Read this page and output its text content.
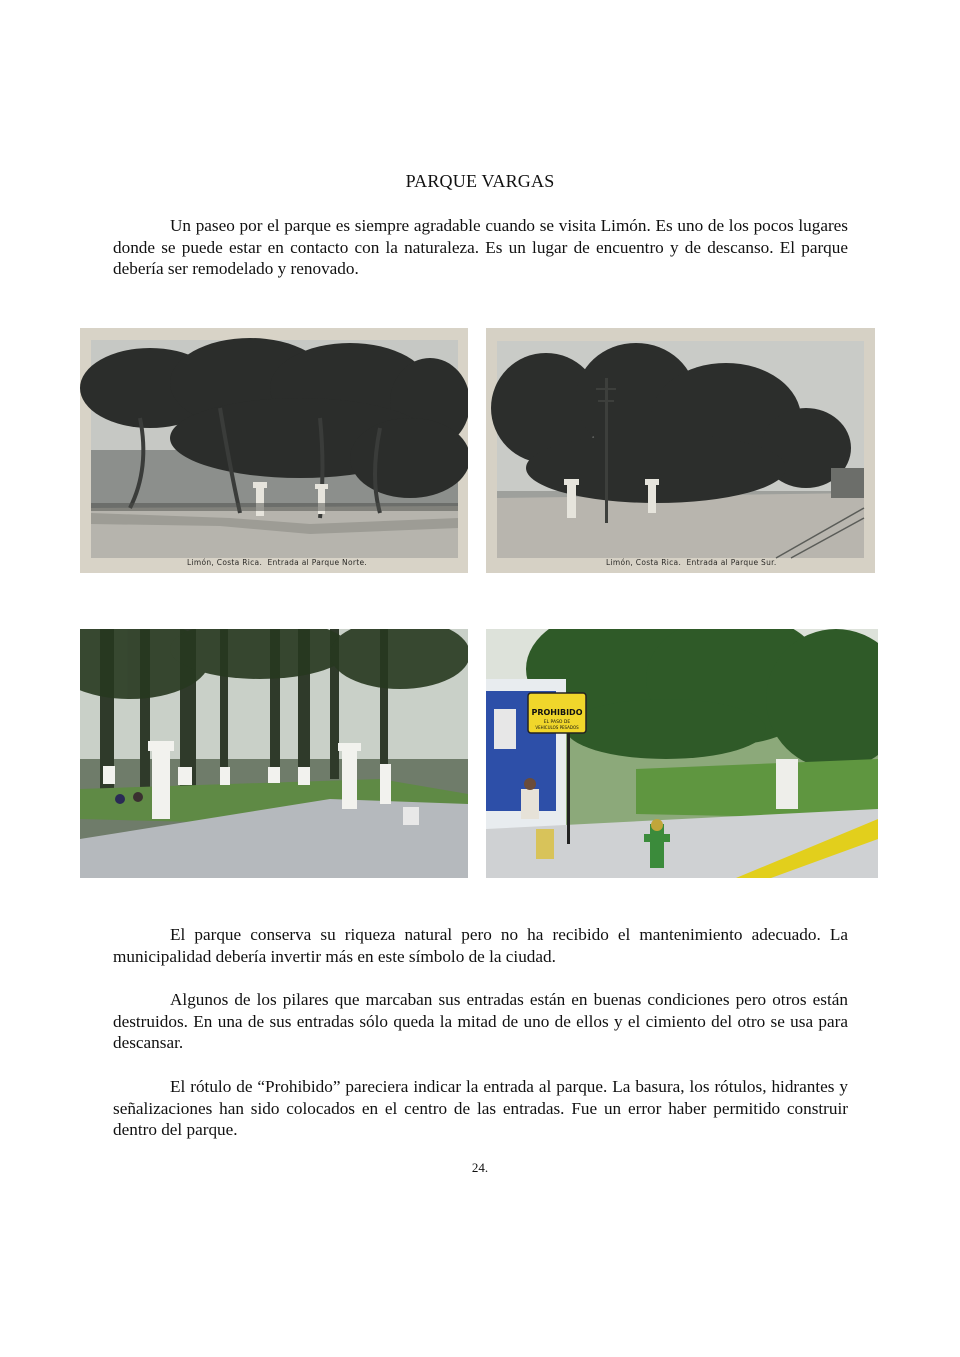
PARQUE VARGAS

Un paseo por el parque es siempre agradable cuando se visita Limón. Es uno de los pocos lugares donde se puede estar en contacto con la naturaleza. Es un lugar de encuentro y de descanso. El parque debería ser remodelado y renovado.

Limón, Costa Rica.  Entrada al Parque Norte.	Limón, Costa Rica.  Entrada al Parque Sur.
PROHIBIDO
EL PASO DE
VEHICULOS PESADOS

El parque conserva su riqueza natural pero no ha recibido el mantenimiento adecuado. La municipalidad debería invertir más en este símbolo de la ciudad.

Algunos de los pilares que marcaban sus entradas están en buenas condiciones pero otros están destruidos. En una de sus entradas sólo queda la mitad de uno de ellos y el cimiento del otro se usa para descansar.

El rótulo de “Prohibido” pareciera indicar la entrada al parque. La basura, los rótulos, hidrantes y señalizaciones han sido colocados en el centro de las entradas. Fue un error haber permitido construir dentro del parque.

24.
